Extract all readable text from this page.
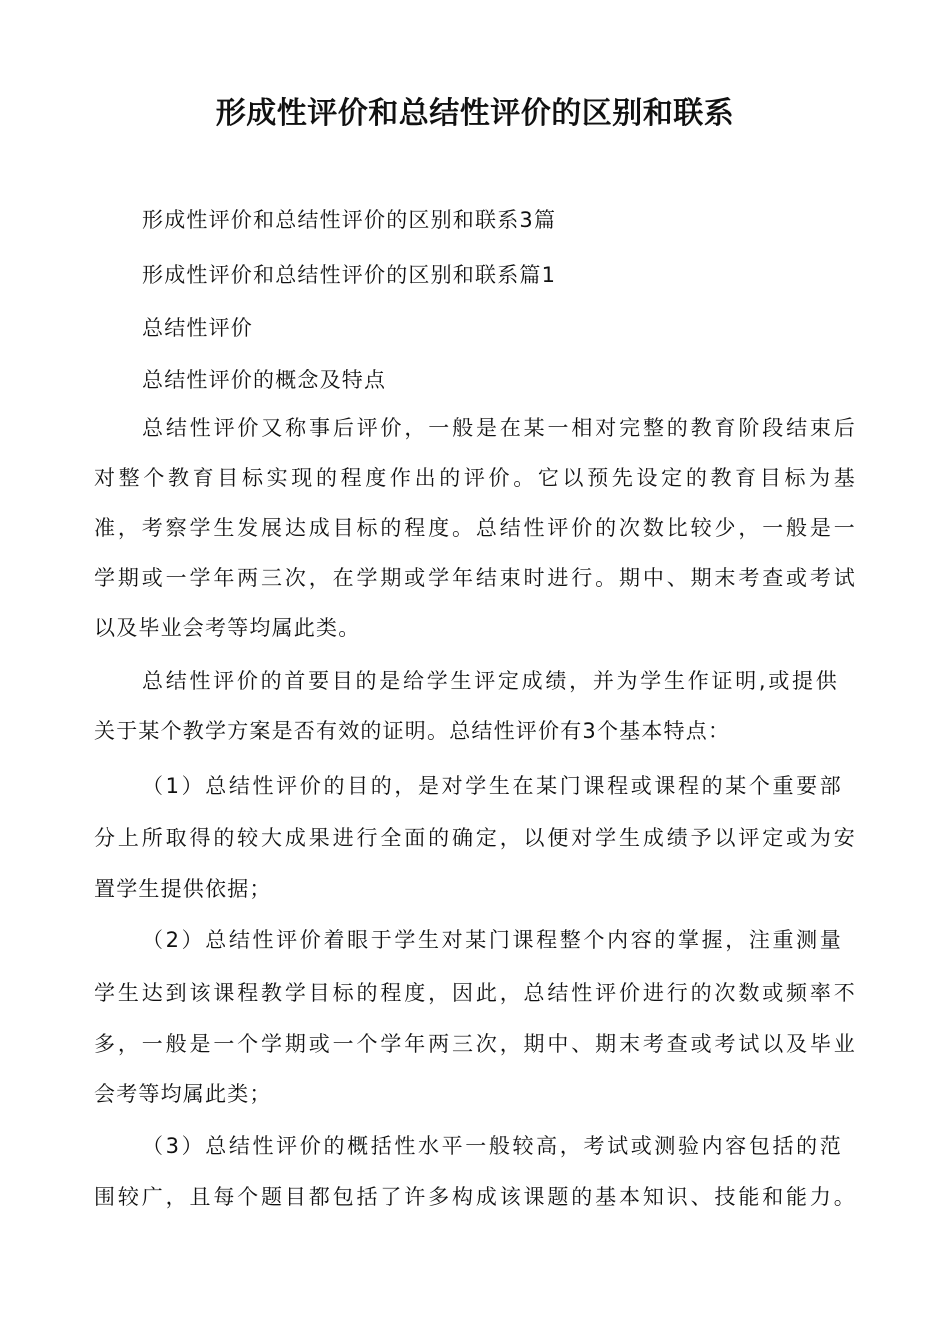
形成性评价和总结性评价的区别和联系
形成性评价和总结性评价的区别和联系3篇
形成性评价和总结性评价的区别和联系篇1
总结性评价
总结性评价的概念及特点
总结性评价又称事后评价，一般是在某一相对完整的教育阶段结束后
对整个教育目标实现的程度作出的评价。它以预先设定的教育目标为基
准，考察学生发展达成目标的程度。总结性评价的次数比较少，一般是一
学期或一学年两三次，在学期或学年结束时进行。期中、期末考查或考试
以及毕业会考等均属此类。
总结性评价的首要目的是给学生评定成绩，并为学生作证明,或提供
关于某个教学方案是否有效的证明。总结性评价有3个基本特点：
（1）总结性评价的目的，是对学生在某门课程或课程的某个重要部
分上所取得的较大成果进行全面的确定，以便对学生成绩予以评定或为安
置学生提供依据；
（2）总结性评价着眼于学生对某门课程整个内容的掌握，注重测量
学生达到该课程教学目标的程度，因此，总结性评价进行的次数或频率不
多，一般是一个学期或一个学年两三次，期中、期末考查或考试以及毕业
会考等均属此类；
（3）总结性评价的概括性水平一般较高，考试或测验内容包括的范
围较广，且每个题目都包括了许多构成该课题的基本知识、技能和能力。
